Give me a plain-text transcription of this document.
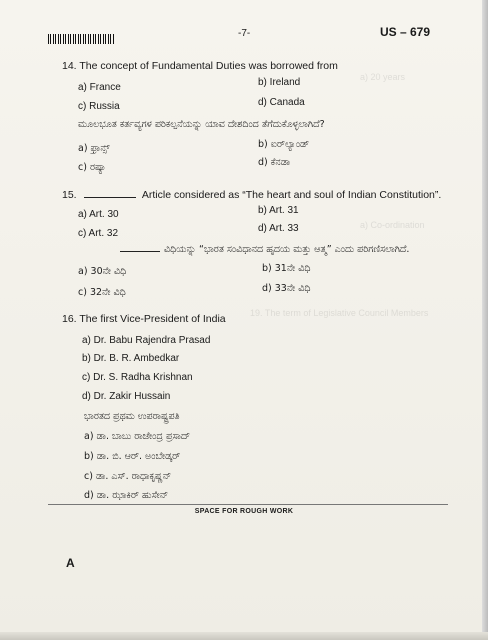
a) 20 years
a) Co-ordination
19. The term of Legislative Council Members
-7-	US – 679
14. The concept of Fundamental Duties was borrowed from
a) France	b) Ireland
c) Russia	d) Canada
ಮೂಲಭೂತ ಕರ್ತವ್ಯಗಳ ಪರಿಕಲ್ಪನೆಯನ್ನು ಯಾವ ದೇಶದಿಂದ ತೆಗೆದುಕೊಳ್ಳಲಾಗಿದೆ?
a) ಫ್ರಾನ್ಸ್	b) ಐರ್‌ಲ್ಯಾಂಡ್
c) ರಷ್ಯಾ	d) ಕೆನಡಾ
15.	Article considered as “The heart and soul of Indian Constitution”.
a) Art. 30	b) Art. 31
c) Art. 32	d) Art. 33
ವಿಧಿಯನ್ನು “ಭಾರತ ಸಂವಿಧಾನದ ಹೃದಯ ಮತ್ತು ಆತ್ಮ” ಎಂದು ಪರಿಗಣಿಸಲಾಗಿದೆ.
a) 30ನೇ ವಿಧಿ	b) 31ನೇ ವಿಧಿ
c) 32ನೇ ವಿಧಿ	d) 33ನೇ ವಿಧಿ
16. The first Vice-President of India
a) Dr. Babu Rajendra Prasad
b) Dr. B. R. Ambedkar
c) Dr. S. Radha Krishnan
d) Dr. Zakir Hussain
ಭಾರತದ ಪ್ರಥಮ ಉಪರಾಷ್ಟ್ರಪತಿ
a) ಡಾ. ಬಾಬು ರಾಜೇಂದ್ರ ಪ್ರಸಾದ್
b) ಡಾ. ಬಿ. ಆರ್. ಅಂಬೇಡ್ಕರ್
c) ಡಾ. ಎಸ್. ರಾಧಾಕೃಷ್ಣನ್
d) ಡಾ. ಝಾಕಿರ್ ಹುಸೇನ್
SPACE FOR ROUGH WORK
A
